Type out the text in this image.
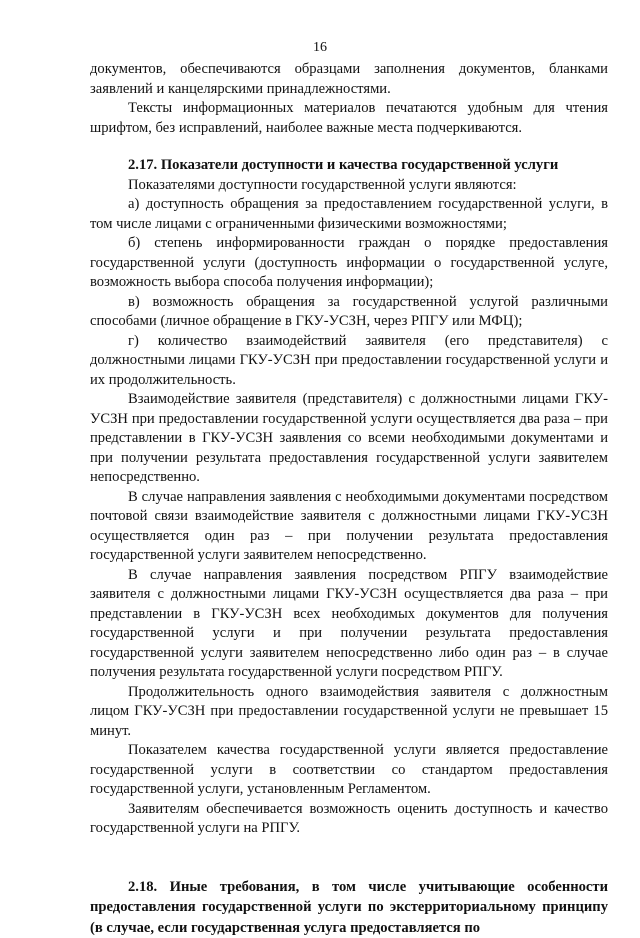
16

документов, обеспечиваются образцами заполнения документов, бланками заявлений и канцелярскими принадлежностями.

Тексты информационных материалов печатаются удобным для чтения шрифтом, без исправлений, наиболее важные места подчеркиваются.

2.17. Показатели доступности и качества государственной услуги

Показателями доступности государственной услуги являются:

а) доступность обращения за предоставлением государственной услуги, в том числе лицами с ограниченными физическими возможностями;

б) степень информированности граждан о порядке предоставления государственной услуги (доступность информации о государственной услуге, возможность выбора способа получения информации);

в) возможность обращения за государственной услугой различными способами (личное обращение в ГКУ-УСЗН, через РПГУ или МФЦ);

г) количество взаимодействий заявителя (его представителя) с должностными лицами ГКУ-УСЗН при предоставлении государственной услуги и их продолжительность.

Взаимодействие заявителя (представителя) с должностными лицами ГКУ-УСЗН при предоставлении государственной услуги осуществляется два раза – при представлении в ГКУ-УСЗН заявления со всеми необходимыми документами и при получении результата предоставления государственной услуги заявителем непосредственно.

В случае направления заявления с необходимыми документами посредством почтовой связи взаимодействие заявителя с должностными лицами ГКУ-УСЗН осуществляется один раз – при получении результата предоставления государственной услуги заявителем непосредственно.

В случае направления заявления посредством РПГУ взаимодействие заявителя с должностными лицами ГКУ-УСЗН осуществляется два раза – при представлении в ГКУ-УСЗН всех необходимых документов для получения государственной услуги и при получении результата предоставления государственной услуги заявителем непосредственно либо один раз – в случае получения результата государственной услуги посредством РПГУ.

Продолжительность одного взаимодействия заявителя с должностным лицом ГКУ-УСЗН при предоставлении государственной услуги не превышает 15 минут.

Показателем качества государственной услуги является предоставление государственной услуги в соответствии со стандартом предоставления государственной услуги, установленным Регламентом.

Заявителям обеспечивается возможность оценить доступность и качество государственной услуги на РПГУ.

2.18. Иные требования, в том числе учитывающие особенности предоставления государственной услуги по экстерриториальному принципу (в случае, если государственная услуга предоставляется по
